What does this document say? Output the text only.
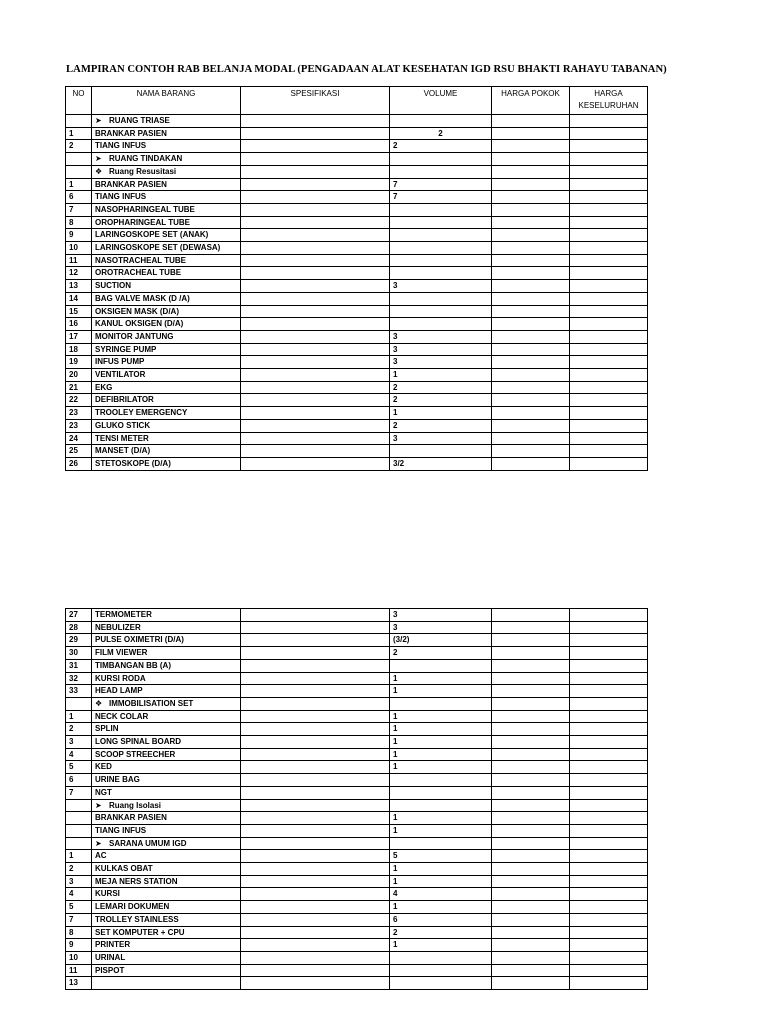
LAMPIRAN CONTOH RAB BELANJA MODAL (PENGADAAN ALAT KESEHATAN IGD RSU BHAKTI RAHAYU TABANAN)
NO	NAMA BARANG	SPESIFIKASI	VOLUME	HARGA POKOK	HARGA KESELURUHAN
	➤ RUANG TRIASE				
1	BRANKAR PASIEN		2		
2	TIANG INFUS		2		
	➤ RUANG TINDAKAN				
	❖ Ruang Resusitasi				
1	BRANKAR PASIEN		7		
6	TIANG INFUS		7		
7	NASOPHARINGEAL TUBE				
8	OROPHARINGEAL TUBE				
9	LARINGOSKOPE SET (ANAK)				
10	LARINGOSKOPE SET (DEWASA)				
11	NASOTRACHEAL TUBE				
12	OROTRACHEAL TUBE				
13	SUCTION		3		
14	BAG VALVE MASK (D /A)				
15	OKSIGEN MASK (D/A)				
16	KANUL OKSIGEN (D/A)				
17	MONITOR JANTUNG		3		
18	SYRINGE PUMP		3		
19	INFUS PUMP		3		
20	VENTILATOR		1		
21	EKG		2		
22	DEFIBRILATOR		2		
23	TROOLEY EMERGENCY		1		
23	GLUKO STICK		2		
24	TENSI METER		3		
25	MANSET (D/A)				
26	STETOSKOPE (D/A)		3/2		
27	TERMOMETER		3		
28	NEBULIZER		3		
29	PULSE OXIMETRI (D/A)		(3/2)		
30	FILM VIEWER		2		
31	TIMBANGAN BB (A)				
32	KURSI RODA		1		
33	HEAD LAMP		1		
	❖ IMMOBILISATION SET				
1	NECK COLAR		1		
2	SPLIN		1		
3	LONG SPINAL BOARD		1		
4	SCOOP STREECHER		1		
5	KED		1		
6	URINE BAG				
7	NGT				
	➤ Ruang Isolasi				
	BRANKAR PASIEN		1		
	TIANG INFUS		1		
	➤ SARANA UMUM IGD				
1	AC		5		
2	KULKAS OBAT		1		
3	MEJA NERS STATION		1		
4	KURSI		4		
5	LEMARI DOKUMEN		1		
7	TROLLEY STAINLESS		6		
8	SET KOMPUTER + CPU		2		
9	PRINTER		1		
10	URINAL				
11	PISPOT				
13					
